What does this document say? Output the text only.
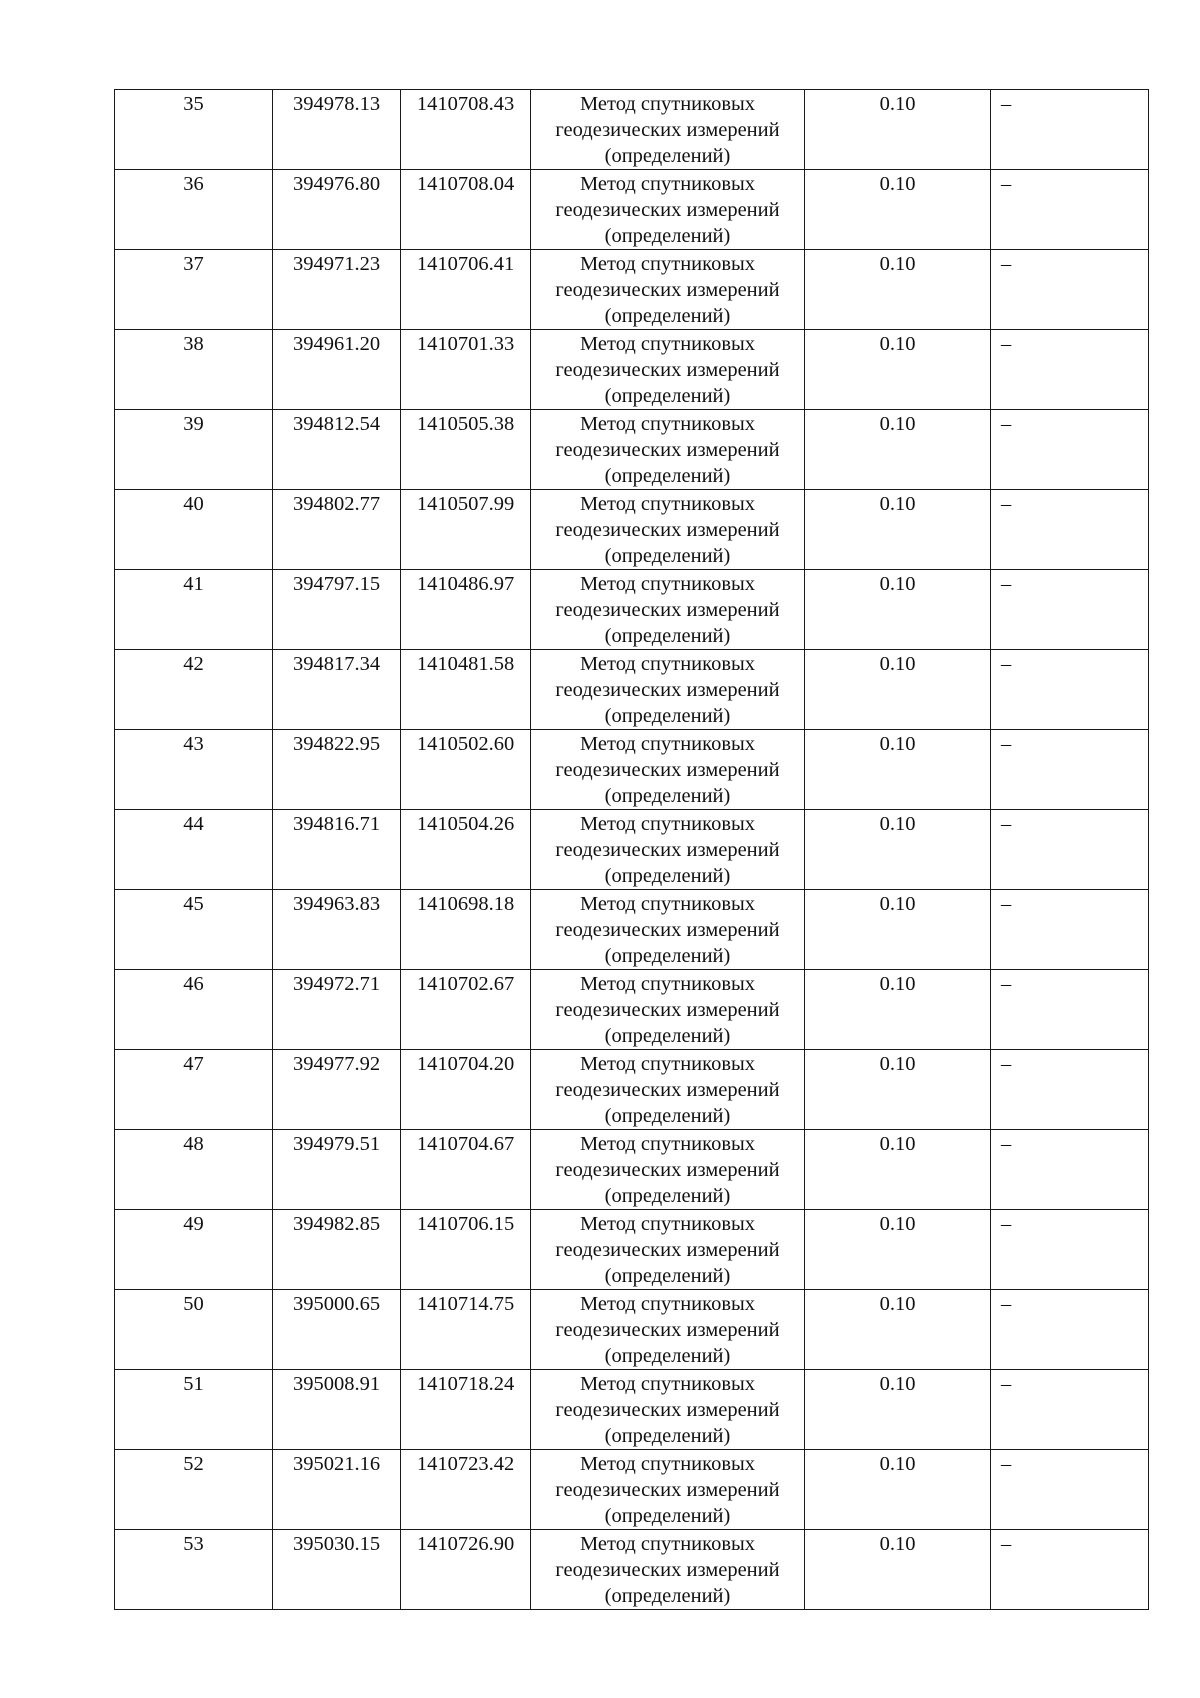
35	394978.13	1410708.43	Метод спутниковых геодезических измерений (определений)	0.10	–
36	394976.80	1410708.04	Метод спутниковых геодезических измерений (определений)	0.10	–
37	394971.23	1410706.41	Метод спутниковых геодезических измерений (определений)	0.10	–
38	394961.20	1410701.33	Метод спутниковых геодезических измерений (определений)	0.10	–
39	394812.54	1410505.38	Метод спутниковых геодезических измерений (определений)	0.10	–
40	394802.77	1410507.99	Метод спутниковых геодезических измерений (определений)	0.10	–
41	394797.15	1410486.97	Метод спутниковых геодезических измерений (определений)	0.10	–
42	394817.34	1410481.58	Метод спутниковых геодезических измерений (определений)	0.10	–
43	394822.95	1410502.60	Метод спутниковых геодезических измерений (определений)	0.10	–
44	394816.71	1410504.26	Метод спутниковых геодезических измерений (определений)	0.10	–
45	394963.83	1410698.18	Метод спутниковых геодезических измерений (определений)	0.10	–
46	394972.71	1410702.67	Метод спутниковых геодезических измерений (определений)	0.10	–
47	394977.92	1410704.20	Метод спутниковых геодезических измерений (определений)	0.10	–
48	394979.51	1410704.67	Метод спутниковых геодезических измерений (определений)	0.10	–
49	394982.85	1410706.15	Метод спутниковых геодезических измерений (определений)	0.10	–
50	395000.65	1410714.75	Метод спутниковых геодезических измерений (определений)	0.10	–
51	395008.91	1410718.24	Метод спутниковых геодезических измерений (определений)	0.10	–
52	395021.16	1410723.42	Метод спутниковых геодезических измерений (определений)	0.10	–
53	395030.15	1410726.90	Метод спутниковых геодезических измерений (определений)	0.10	–
